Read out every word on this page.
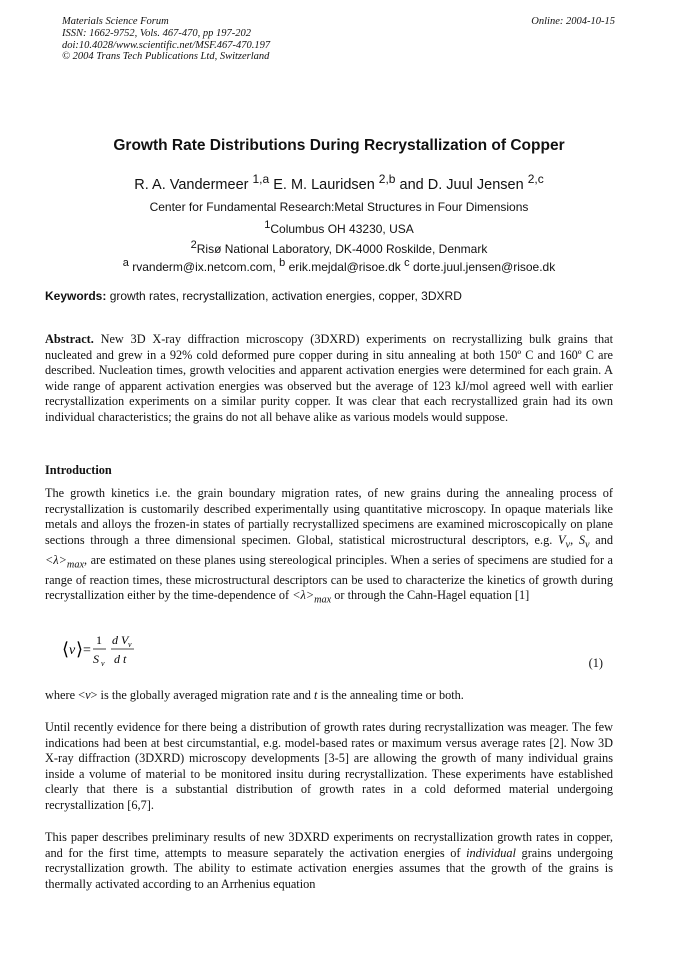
Materials Science Forum
ISSN: 1662-9752, Vols. 467-470, pp 197-202
doi:10.4028/www.scientific.net/MSF.467-470.197
© 2004 Trans Tech Publications Ltd, Switzerland
Online: 2004-10-15
Growth Rate Distributions During Recrystallization of Copper
R. A. Vandermeer $^{1,a}$ E. M. Lauridsen $^{2,b}$ and D. Juul Jensen $^{2,c}$
Center for Fundamental Research:Metal Structures in Four Dimensions
$^1$Columbus OH 43230, USA
$^2$Risø National Laboratory, DK-4000 Roskilde, Denmark
$^a$ rvanderm@ix.netcom.com, $^b$ erik.mejdal@risoe.dk $^c$ dorte.juul.jensen@risoe.dk
Keywords: growth rates, recrystallization, activation energies, copper, 3DXRD
Abstract. New 3D X-ray diffraction microscopy (3DXRD) experiments on recrystallizing bulk grains that nucleated and grew in a 92% cold deformed pure copper during in situ annealing at both 150º C and 160º C are described. Nucleation times, growth velocities and apparent activation energies were determined for each grain. A wide range of apparent activation energies was observed but the average of 123 kJ/mol agreed well with earlier recrystallization experiments on a similar purity copper. It was clear that each recrystallized grain had its own individual characteristics; the grains do not all behave alike as various models would suppose.
Introduction
The growth kinetics i.e. the grain boundary migration rates, of new grains during the annealing process of recrystallization is customarily described experimentally using quantitative microscopy. In opaque materials like metals and alloys the frozen-in states of partially recrystallized specimens are examined microscopically on plane sections through a three dimensional specimen. Global, statistical microstructural descriptors, e.g. $V_v$, $S_v$ and $<\lambda>_{max}$, are estimated on these planes using stereological principles. When a series of specimens are studied for a range of reaction times, these microstructural descriptors can be used to characterize the kinetics of growth during recrystallization either by the time-dependence of $<\lambda>_{max}$ or through the Cahn-Hagel equation [1]
⟨ v ⟩ =
1
S v
d V v
d t	(1)
where <v> is the globally averaged migration rate and t is the annealing time or both.
Until recently evidence for there being a distribution of growth rates during recrystallization was meager. The few indications had been at best circumstantial, e.g. model-based rates or maximum versus average rates [2]. Now 3D X-ray diffraction (3DXRD) microscopy developments [3-5] are allowing the growth of many individual grains inside a volume of material to be monitored insitu during recrystallization. These experiments have established clearly that there is a substantial distribution of growth rates in a cold deformed material undergoing recrystallization [6,7].
This paper describes preliminary results of new 3DXRD experiments on recrystallization growth rates in copper, and for the first time, attempts to measure separately the activation energies of individual grains undergoing recrystallization growth. The ability to estimate activation energies assumes that the growth of the grains is thermally activated according to an Arrhenius equation
